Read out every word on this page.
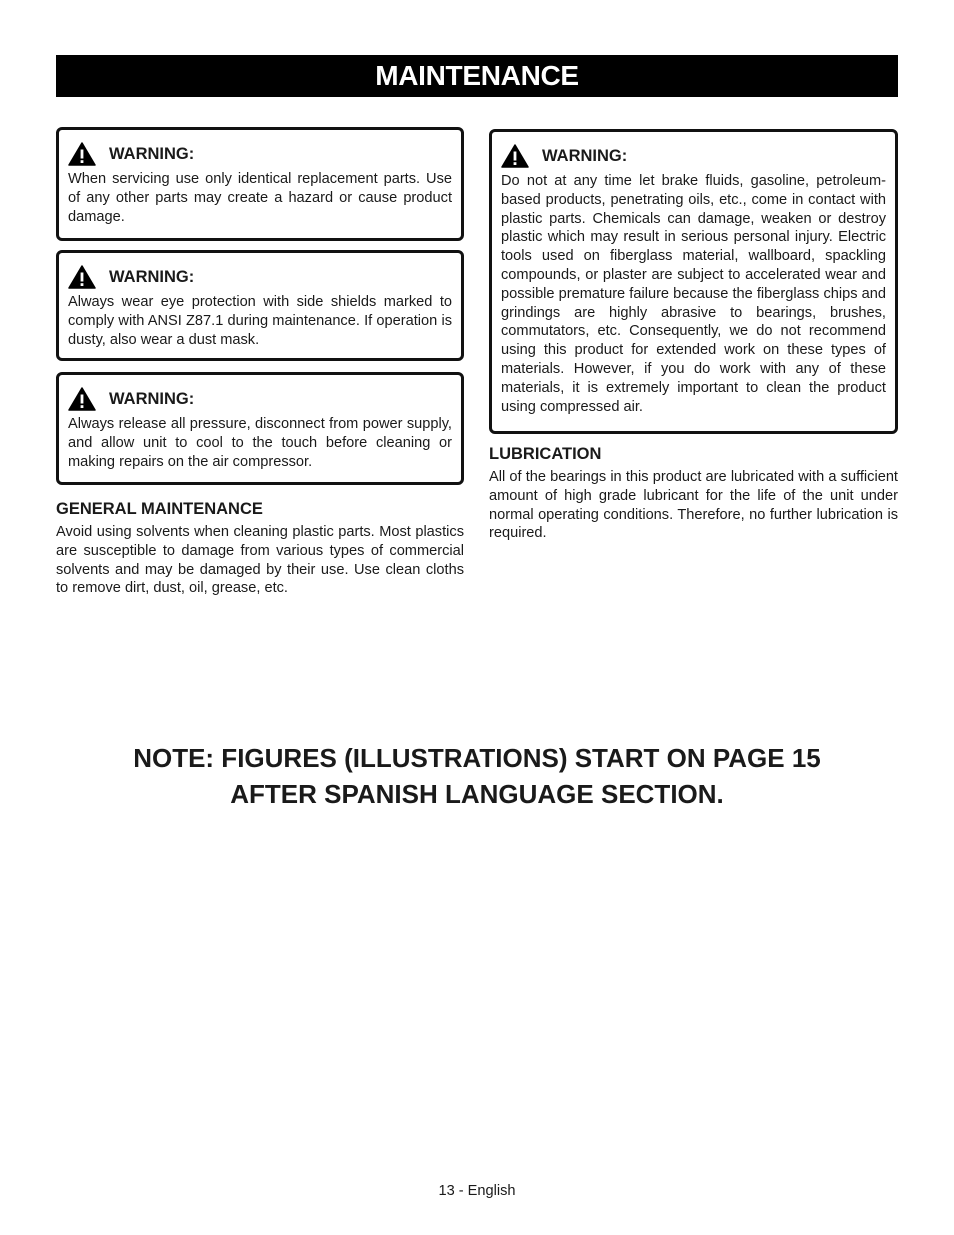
MAINTENANCE
WARNING:
When servicing use only identical replacement parts. Use of any other parts may create a hazard or cause product damage.
WARNING:
Always wear eye protection with side shields marked to comply with ANSI Z87.1 during maintenance. If operation is dusty, also wear a dust mask.
WARNING:
Always release all pressure, disconnect from power supply, and allow unit to cool to the touch before cleaning or making repairs on the air compressor.
GENERAL MAINTENANCE
Avoid using solvents when cleaning plastic parts. Most plastics are susceptible to damage from various types of commercial solvents and may be damaged by their use. Use clean cloths to remove dirt, dust, oil, grease, etc.
WARNING:
Do not at any time let brake fluids, gasoline, petroleum-based products, penetrating oils, etc., come in contact with plastic parts. Chemicals can damage, weaken or destroy plastic which may result in serious personal injury. Electric tools used on fiberglass material, wallboard, spackling compounds, or plaster are subject to accelerated wear and possible premature failure because the fiberglass chips and grindings are highly abrasive to bearings, brushes, commutators, etc. Consequently, we do not recommend using this product for extended work on these types of materials. However, if you do work with any of these materials, it is extremely important to clean the product using compressed air.
LUBRICATION
All of the bearings in this product are lubricated with a sufficient amount of high grade lubricant for the life of the unit under normal operating conditions. Therefore, no further lubrication is required.
NOTE: FIGURES (ILLUSTRATIONS) START ON PAGE 15
AFTER SPANISH LANGUAGE SECTION.
13 - English
